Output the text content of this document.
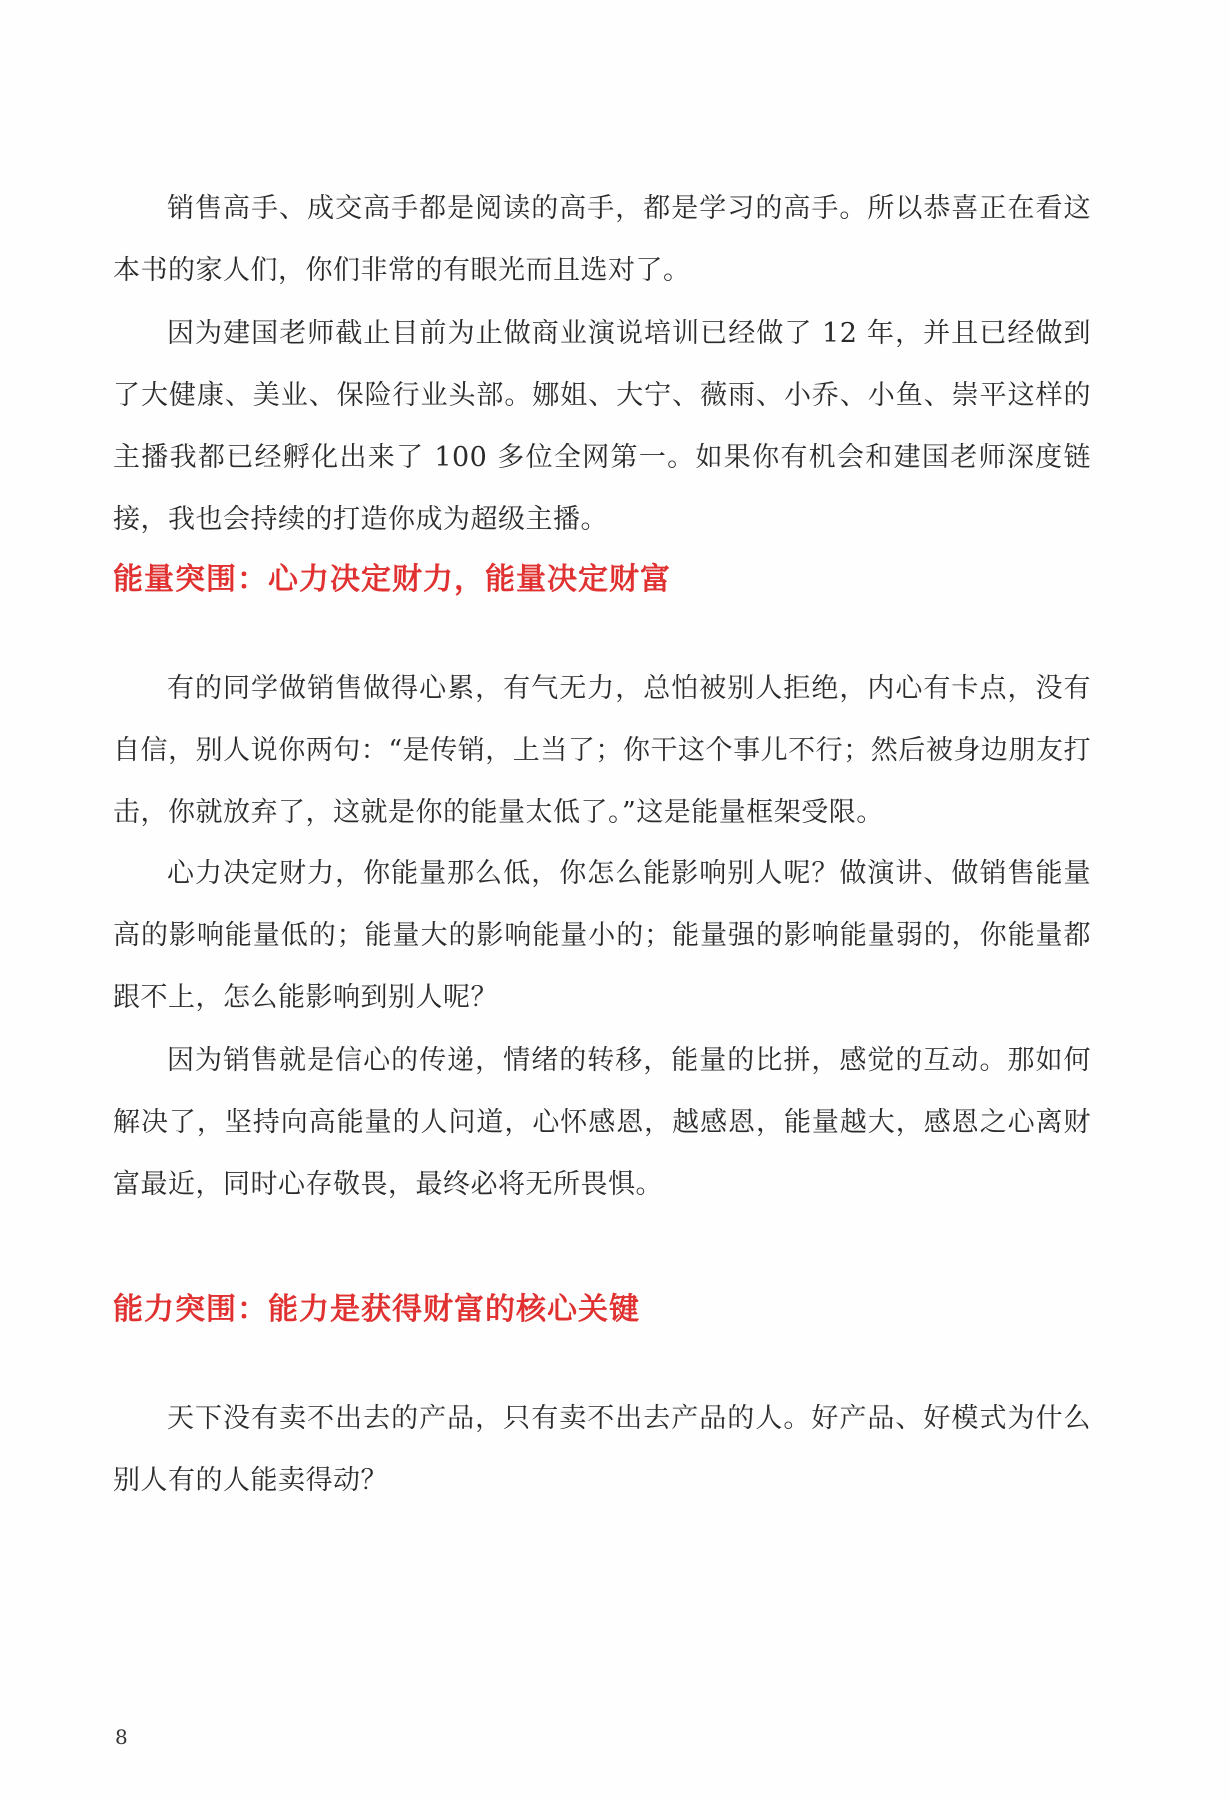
销售高手、成交高手都是阅读的高手，都是学习的高手。所以恭喜正在看这本书的家人们，你们非常的有眼光而且选对了。

因为建国老师截止目前为止做商业演说培训已经做了 12 年，并且已经做到了大健康、美业、保险行业头部。娜姐、大宁、薇雨、小乔、小鱼、崇平这样的主播我都已经孵化出来了 100 多位全网第一。如果你有机会和建国老师深度链接，我也会持续的打造你成为超级主播。

能量突围：心力决定财力，能量决定财富

有的同学做销售做得心累，有气无力，总怕被别人拒绝，内心有卡点，没有自信，别人说你两句：“是传销，上当了；你干这个事儿不行；然后被身边朋友打击，你就放弃了，这就是你的能量太低了。”这是能量框架受限。

心力决定财力，你能量那么低，你怎么能影响别人呢？做演讲、做销售能量高的影响能量低的；能量大的影响能量小的；能量强的影响能量弱的，你能量都跟不上，怎么能影响到别人呢？

因为销售就是信心的传递，情绪的转移，能量的比拼，感觉的互动。那如何解决了，坚持向高能量的人问道，心怀感恩，越感恩，能量越大，感恩之心离财富最近，同时心存敬畏，最终必将无所畏惧。

能力突围：能力是获得财富的核心关键

天下没有卖不出去的产品，只有卖不出去产品的人。好产品、好模式为什么别人有的人能卖得动？

8
